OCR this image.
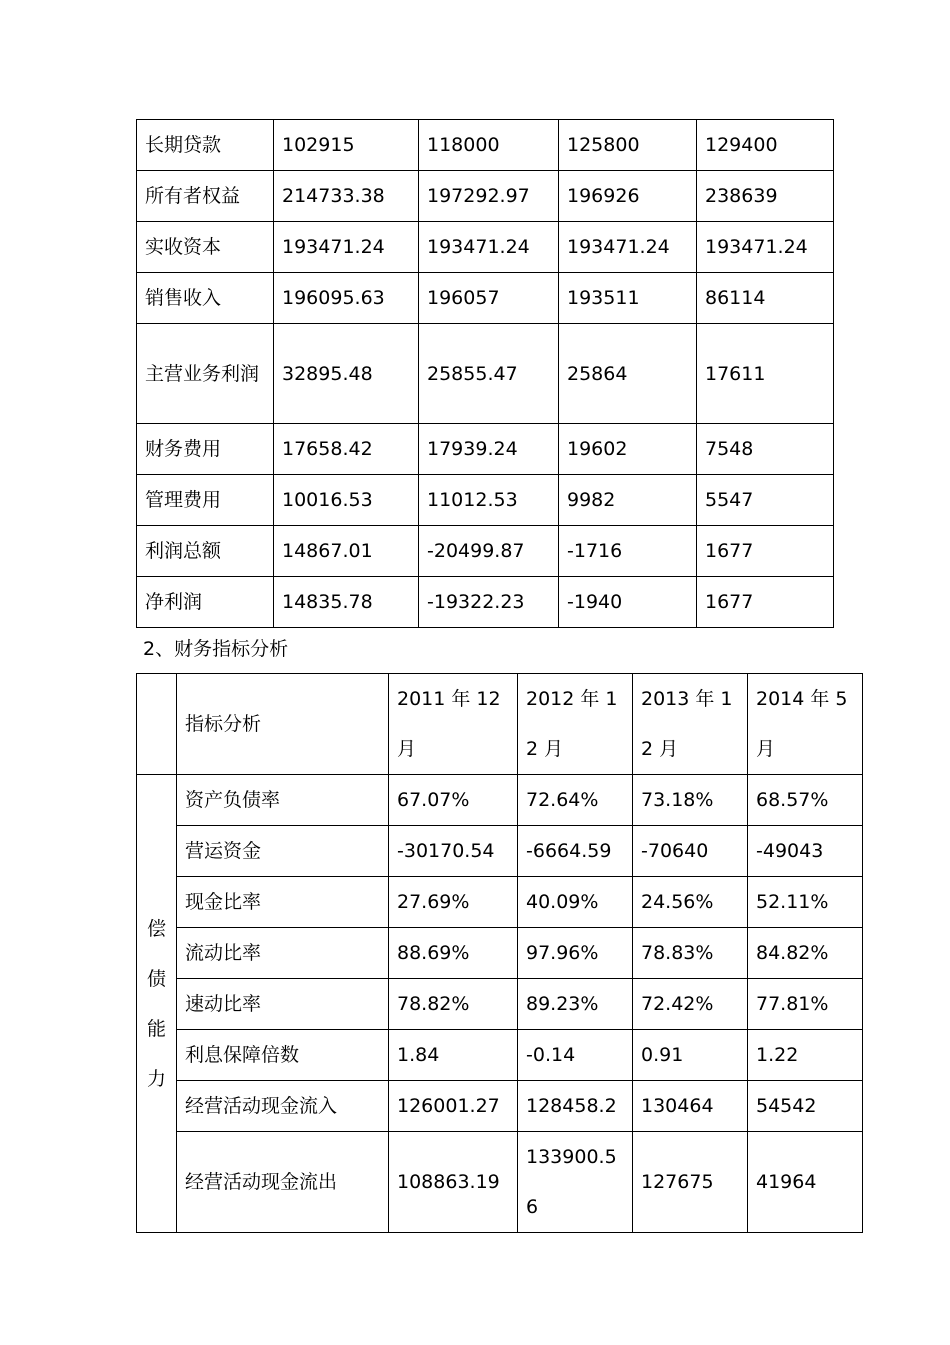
长期贷款	102915	118000	125800	129400
所有者权益	214733.38	197292.97	196926	238639
实收资本	193471.24	193471.24	193471.24	193471.24
销售收入	196095.63	196057	193511	86114
主营业务利润	32895.48	25855.47	25864	17611
财务费用	17658.42	17939.24	19602	7548
管理费用	10016.53	11012.53	9982	5547
利润总额	14867.01	-20499.87	-1716	1677
净利润	14835.78	-19322.23	-1940	1677
2、财务指标分析
	指标分析	2011 年 12 月	2012 年 12 月	2013 年 12 月	2014 年 5 月

偿
债
能
力	资产负债率	67.07%	72.64%	73.18%	68.57%
	营运资金	-30170.54	-6664.59	-70640	-49043
	现金比率	27.69%	40.09%	24.56%	52.11%
	流动比率	88.69%	97.96%	78.83%	84.82%
	速动比率	78.82%	89.23%	72.42%	77.81%
	利息保障倍数	1.84	-0.14	0.91	1.22
	经营活动现金流入	126001.27	128458.2	130464	54542
	经营活动现金流出	108863.19	133900.56	127675	41964
